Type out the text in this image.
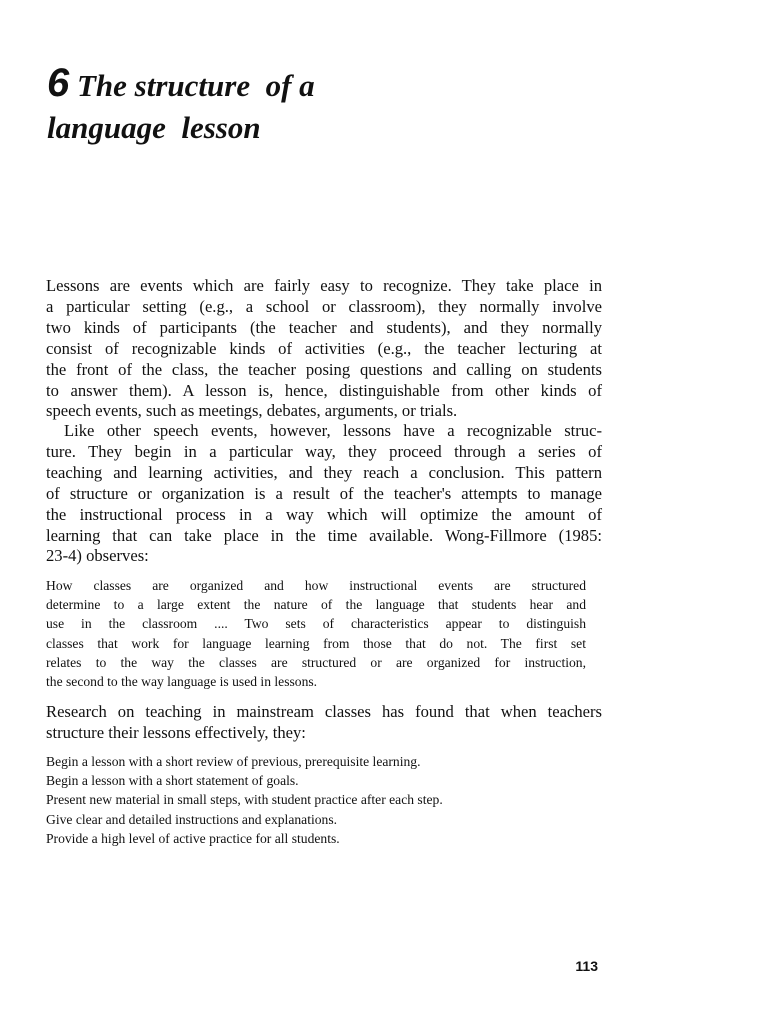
6 The structure  of a
language  lesson

Lessons are events which are fairly easy to recognize. They take place in
a particular setting (e.g., a school or classroom), they normally involve
two kinds of participants (the teacher and students), and they normally
consist of recognizable kinds of activities (e.g., the teacher lecturing at
the front of the class, the teacher posing questions and calling on students
to answer them). A lesson is, hence, distinguishable from other kinds of
speech events, such as meetings, debates, arguments, or trials.

Like other speech events, however, lessons have a recognizable struc-
ture. They begin in a particular way, they proceed through a series of
teaching and learning activities, and they reach a conclusion. This pattern
of structure or organization is a result of the teacher's attempts to manage
the instructional process in a way which will optimize the amount of
learning that can take place in the time available. Wong-Fillmore (1985:
23-4) observes:

How classes are organized and how instructional events are structured
determine to a large extent the nature of the language that students hear and
use in the classroom .... Two sets of characteristics appear to distinguish
classes that work for language learning from those that do not. The first set
relates to the way the classes are structured or are organized for instruction,
the second to the way language is used in lessons.

Research on teaching in mainstream classes has found that when teachers
structure their lessons effectively, they:

Begin a lesson with a short review of previous, prerequisite learning.
Begin a lesson with a short statement of goals.
Present new material in small steps, with student practice after each step.
Give clear and detailed instructions and explanations.
Provide a high level of active practice for all students.
113
